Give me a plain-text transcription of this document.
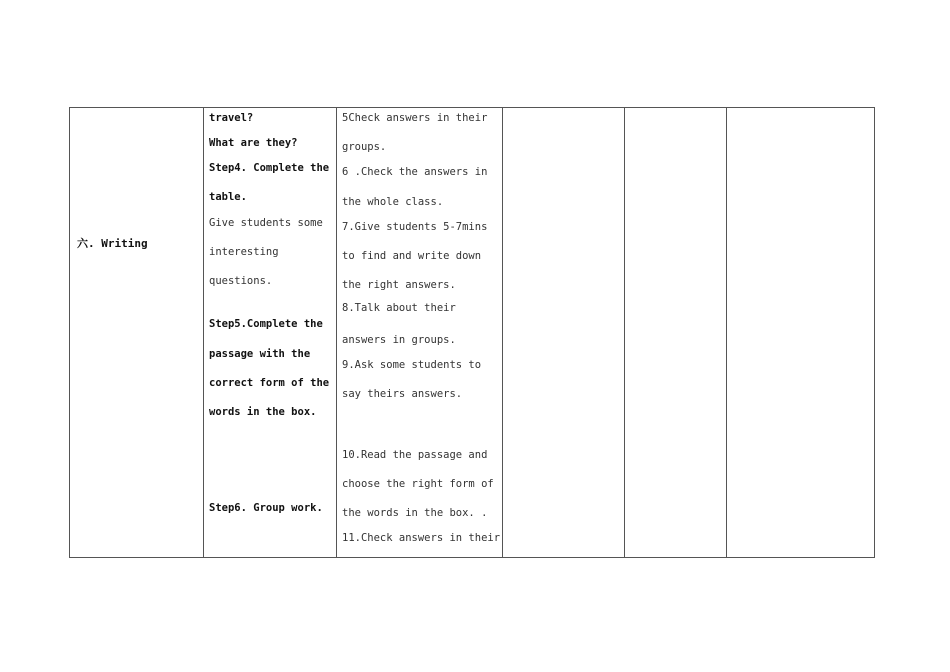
六. Writing
travel?
What are they?
Step4. Complete the
table.
Give students some
interesting
questions.
Step5.Complete the
passage with the
correct form of the
words in the box.
Step6. Group work.
5Check answers in their
groups.
6 .Check the answers in
the whole class.
7.Give students 5-7mins
to find and write down
the right answers.
8.Talk about their
answers in groups.
9.Ask some students to
say theirs answers.
10.Read the passage and
choose the right form of
the words in the box. .
11.Check answers in their
